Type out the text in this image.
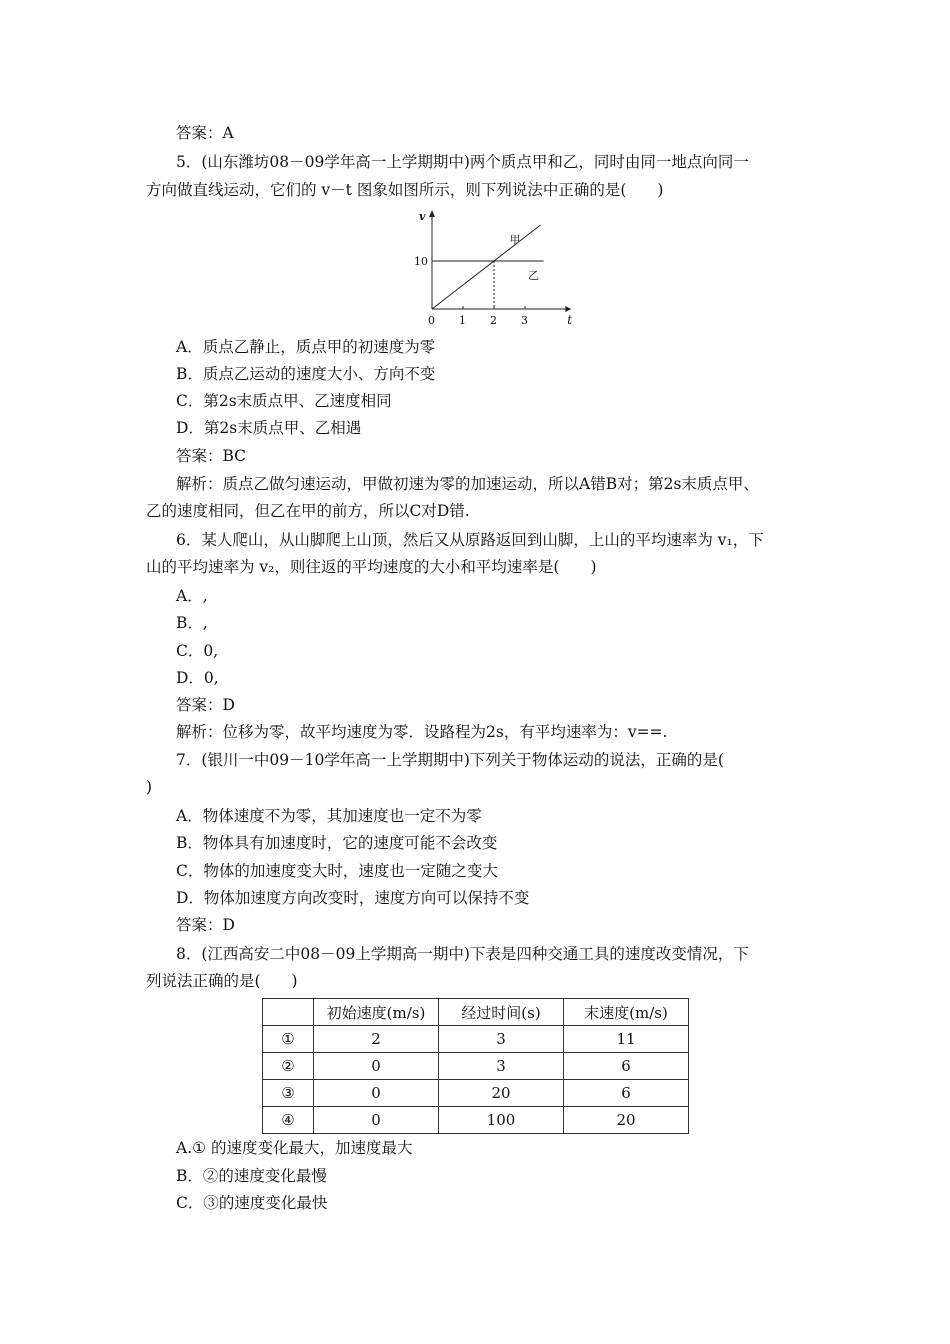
答案：A
5．(山东潍坊08－09学年高一上学期期中)两个质点甲和乙，同时由同一地点向同一
方向做直线运动，它们的 v－t 图象如图所示，则下列说法中正确的是(　　)
v
t
0 1 2 3
10
甲
乙
A．质点乙静止，质点甲的初速度为零
B．质点乙运动的速度大小、方向不变
C．第2s末质点甲、乙速度相同
D．第2s末质点甲、乙相遇
答案：BC
解析：质点乙做匀速运动，甲做初速为零的加速运动，所以A错B对；第2s末质点甲、
乙的速度相同，但乙在甲的前方，所以C对D错.
6．某人爬山，从山脚爬上山顶，然后又从原路返回到山脚，上山的平均速率为 v₁，下
山的平均速率为 v₂，则往返的平均速度的大小和平均速率是(　　)
A．,
B．,
C．0,
D．0,
答案：D
解析：位移为零，故平均速度为零．设路程为2s，有平均速率为：v==.
7．(银川一中09－10学年高一上学期期中)下列关于物体运动的说法，正确的是(
)
A．物体速度不为零，其加速度也一定不为零
B．物体具有加速度时，它的速度可能不会改变
C．物体的加速度变大时，速度也一定随之变大
D．物体加速度方向改变时，速度方向可以保持不变
答案：D
8．(江西高安二中08－09上学期高一期中)下表是四种交通工具的速度改变情况，下
列说法正确的是(　　)
	初始速度(m/s)	经过时间(s)	末速度(m/s)
①	2	3	11
②	0	3	6
③	0	20	6
④	0	100	20
A.① 的速度变化最大，加速度最大
B．②的速度变化最慢
C．③的速度变化最快
